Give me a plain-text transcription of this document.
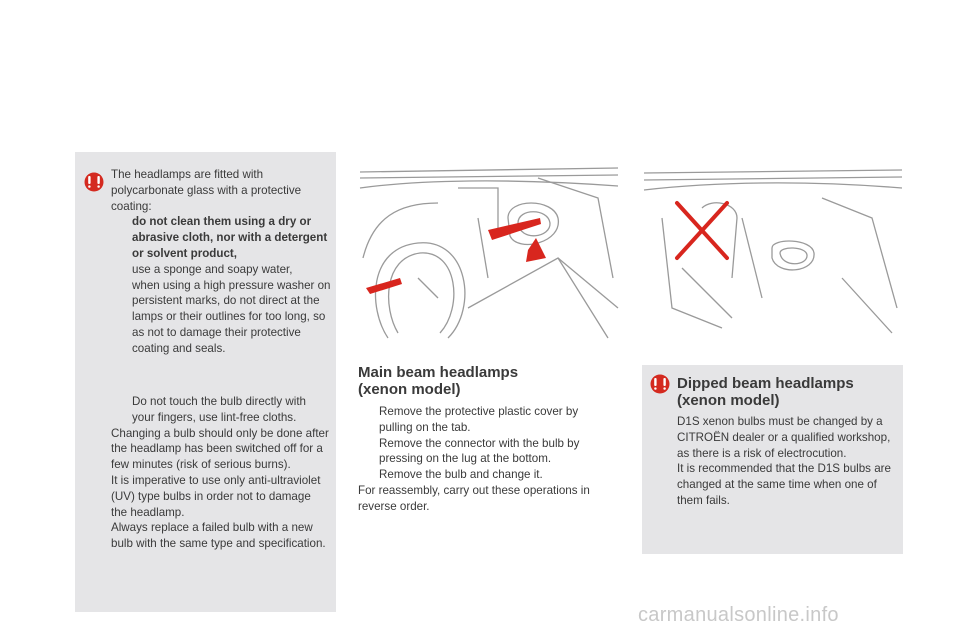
The headlamps are fitted with polycarbonate glass with a protective coating:

do not clean them using a dry or abrasive cloth, nor with a detergent or solvent product,
use a sponge and soapy water,
when using a high pressure washer on persistent marks, do not direct at the lamps or their outlines for too long, so as not to damage their protective coating and seals.
Do not touch the bulb directly with your fingers, use lint-free cloths.

Changing a bulb should only be done after the headlamp has been switched off for a few minutes (risk of serious burns).

It is imperative to use only anti-ultraviolet (UV) type bulbs in order not to damage the headlamp.

Always replace a failed bulb with a new bulb with the same type and specification.

Main beam headlamps
(xenon model)
Remove the protective plastic cover by pulling on the tab.
Remove the connector with the bulb by pressing on the lug at the bottom.
Remove the bulb and change it.

For reassembly, carry out these operations in reverse order.

Dipped beam headlamps
(xenon model)

D1S xenon bulbs must be changed by a CITROËN dealer or a qualified workshop, as there is a risk of electrocution.

It is recommended that the D1S bulbs are changed at the same time when one of them fails.

carmanualsonline.info
